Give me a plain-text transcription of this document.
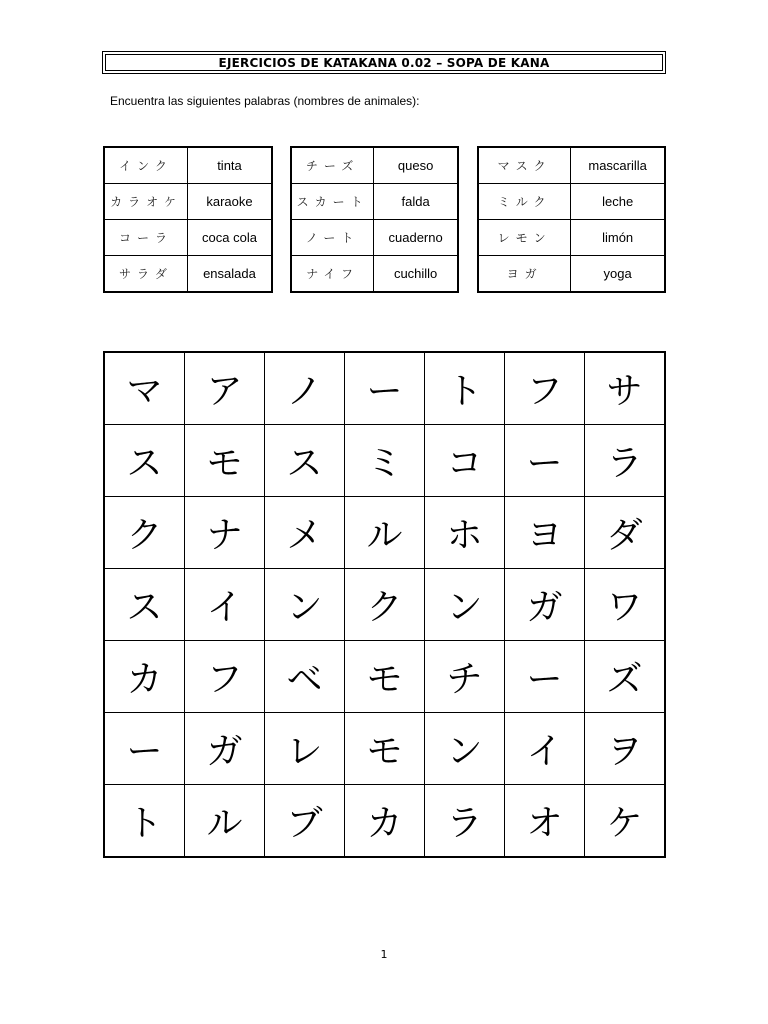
EJERCICIOS DE KATAKANA 0.02 – SOPA DE KANA
Encuentra las siguientes palabras (nombres de animales):
インク	tinta
カラオケ	karaoke
コーラ	coca cola
サラダ	ensalada
チーズ	queso
スカート	falda
ノート	cuaderno
ナイフ	cuchillo
マスク	mascarilla
ミルク	leche
レモン	limón
ヨガ	yoga
マ	ア	ノ	ー	ト	フ	サ
ス	モ	ス	ミ	コ	ー	ラ
ク	ナ	メ	ル	ホ	ヨ	ダ
ス	イ	ン	ク	ン	ガ	ワ
カ	フ	ベ	モ	チ	ー	ズ
ー	ガ	レ	モ	ン	イ	ヲ
ト	ル	ブ	カ	ラ	オ	ケ
1
